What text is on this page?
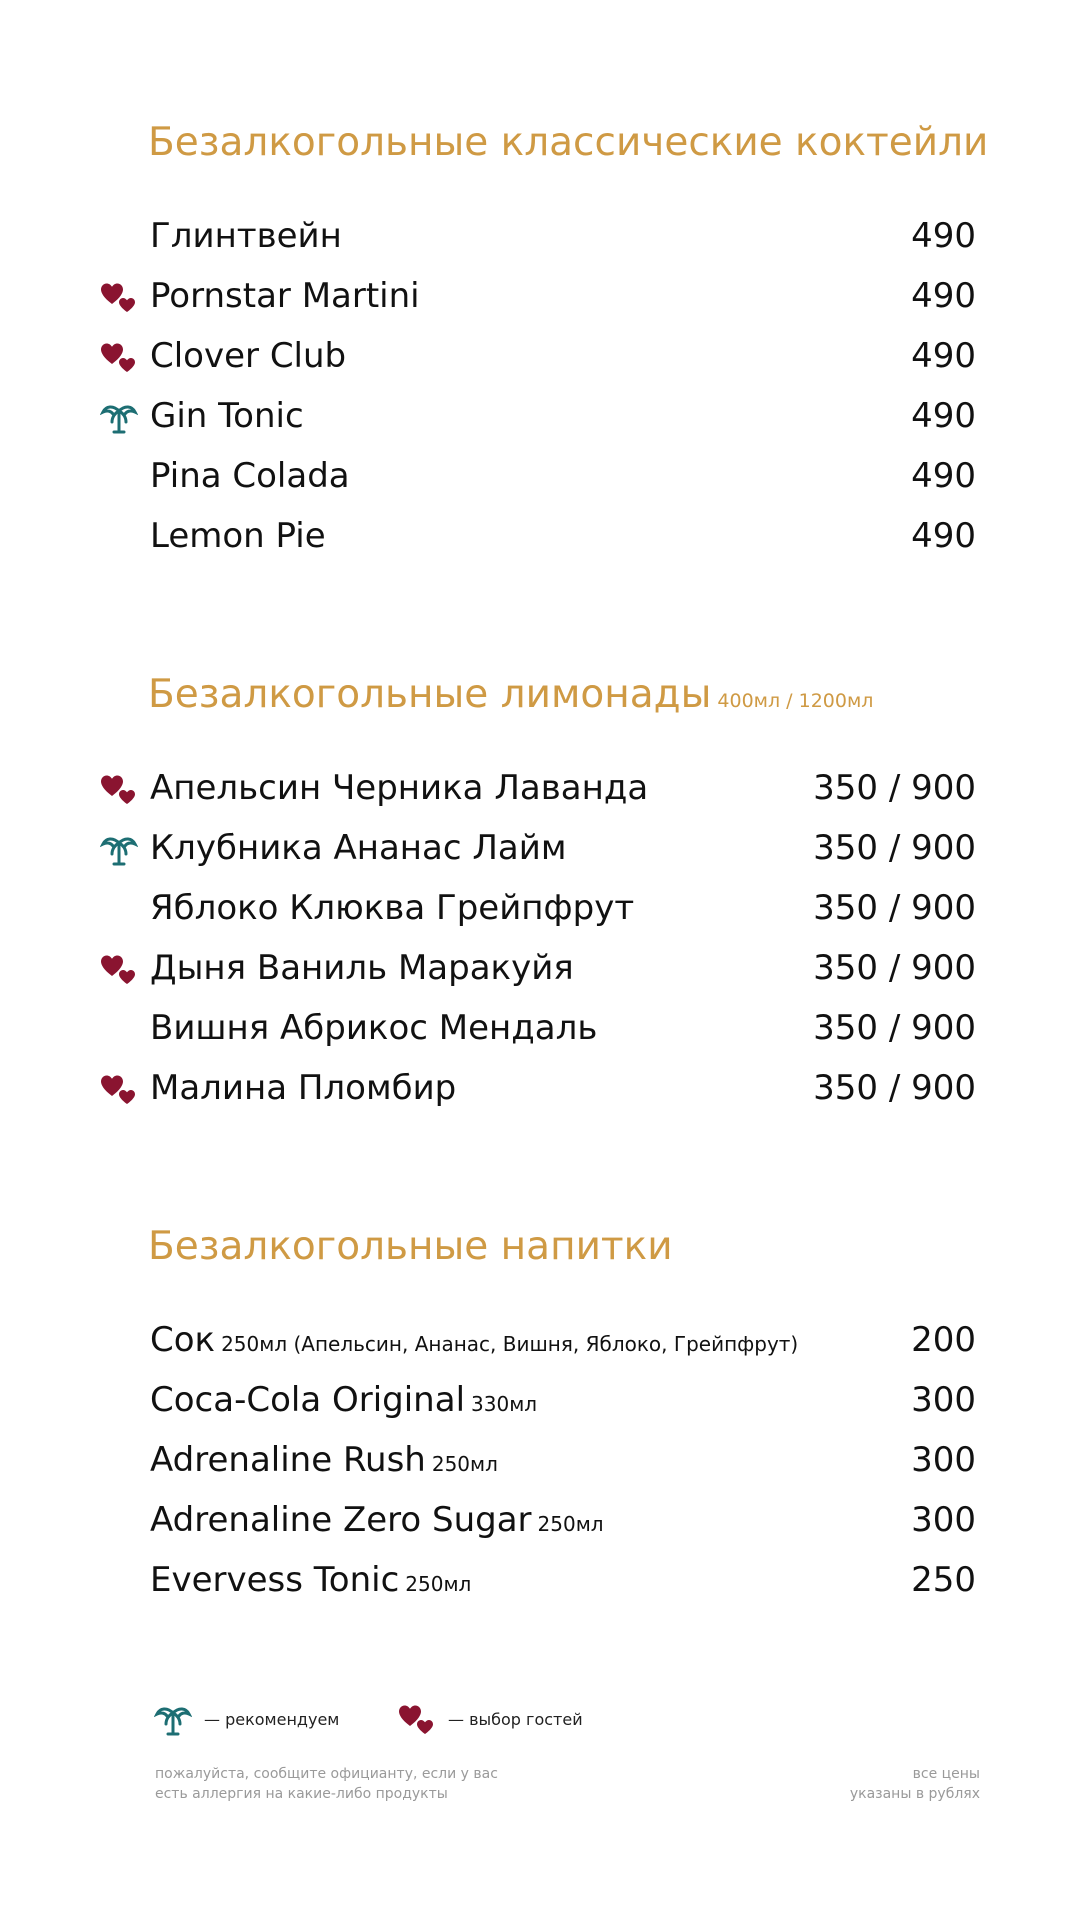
Безалкогольные классические коктейли
Глинтвейн	490
Pornstar Martini	490
Clover Club	490
Gin Tonic	490
Pina Colada	490
Lemon Pie	490
Безалкогольные лимонады 400мл / 1200мл
Апельсин Черника Лаванда	350 / 900
Клубника Ананас Лайм	350 / 900
Яблоко Клюква Грейпфрут	350 / 900
Дыня Ваниль Маракуйя	350 / 900
Вишня Абрикос Мендаль	350 / 900
Малина Пломбир	350 / 900
Безалкогольные напитки
Сок 250мл (Апельсин, Ананас, Вишня, Яблоко, Грейпфрут)	200
Coca-Cola Original 330мл	300
Adrenaline Rush 250мл	300
Adrenaline Zero Sugar 250мл	300
Evervess Tonic 250мл	250
— рекомендуем	— выбор гостей
пожалуйста, сообщите официанту, если у вас
есть аллергия на какие-либо продукты
все цены
указаны в рублях
